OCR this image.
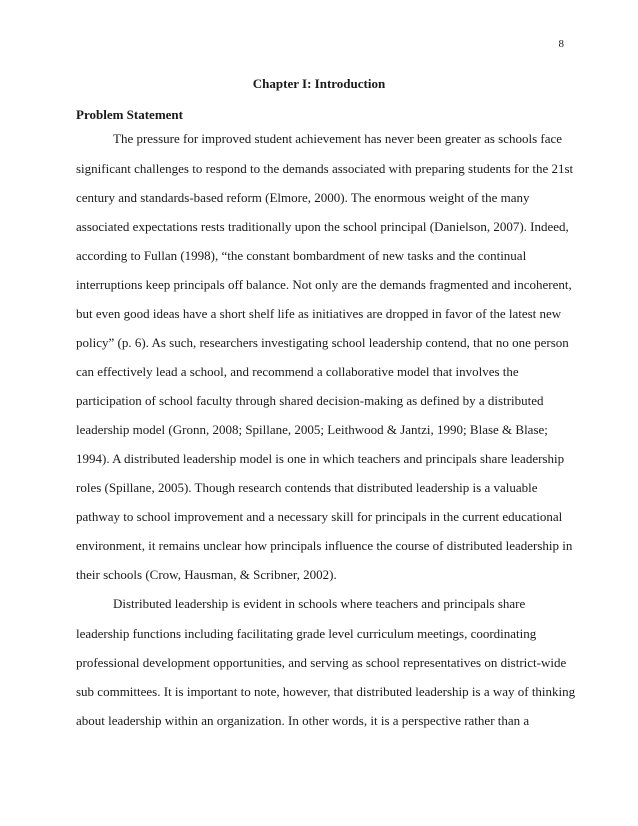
8
Chapter I: Introduction
Problem Statement
The pressure for improved student achievement has never been greater as schools face
significant challenges to respond to the demands associated with preparing students for the 21st
century and standards-based reform (Elmore, 2000). The enormous weight of the many
associated expectations rests traditionally upon the school principal (Danielson, 2007). Indeed,
according to Fullan (1998), “the constant bombardment of new tasks and the continual
interruptions keep principals off balance. Not only are the demands fragmented and incoherent,
but even good ideas have a short shelf life as initiatives are dropped in favor of the latest new
policy” (p. 6). As such, researchers investigating school leadership contend, that no one person
can effectively lead a school, and recommend a collaborative model that involves the
participation of school faculty through shared decision-making as defined by a distributed
leadership model (Gronn, 2008; Spillane, 2005; Leithwood & Jantzi, 1990; Blase & Blase;
1994). A distributed leadership model is one in which teachers and principals share leadership
roles (Spillane, 2005). Though research contends that distributed leadership is a valuable
pathway to school improvement and a necessary skill for principals in the current educational
environment, it remains unclear how principals influence the course of distributed leadership in
their schools (Crow, Hausman, & Scribner, 2002).
Distributed leadership is evident in schools where teachers and principals share
leadership functions including facilitating grade level curriculum meetings, coordinating
professional development opportunities, and serving as school representatives on district-wide
sub committees. It is important to note, however, that distributed leadership is a way of thinking
about leadership within an organization. In other words, it is a perspective rather than a
